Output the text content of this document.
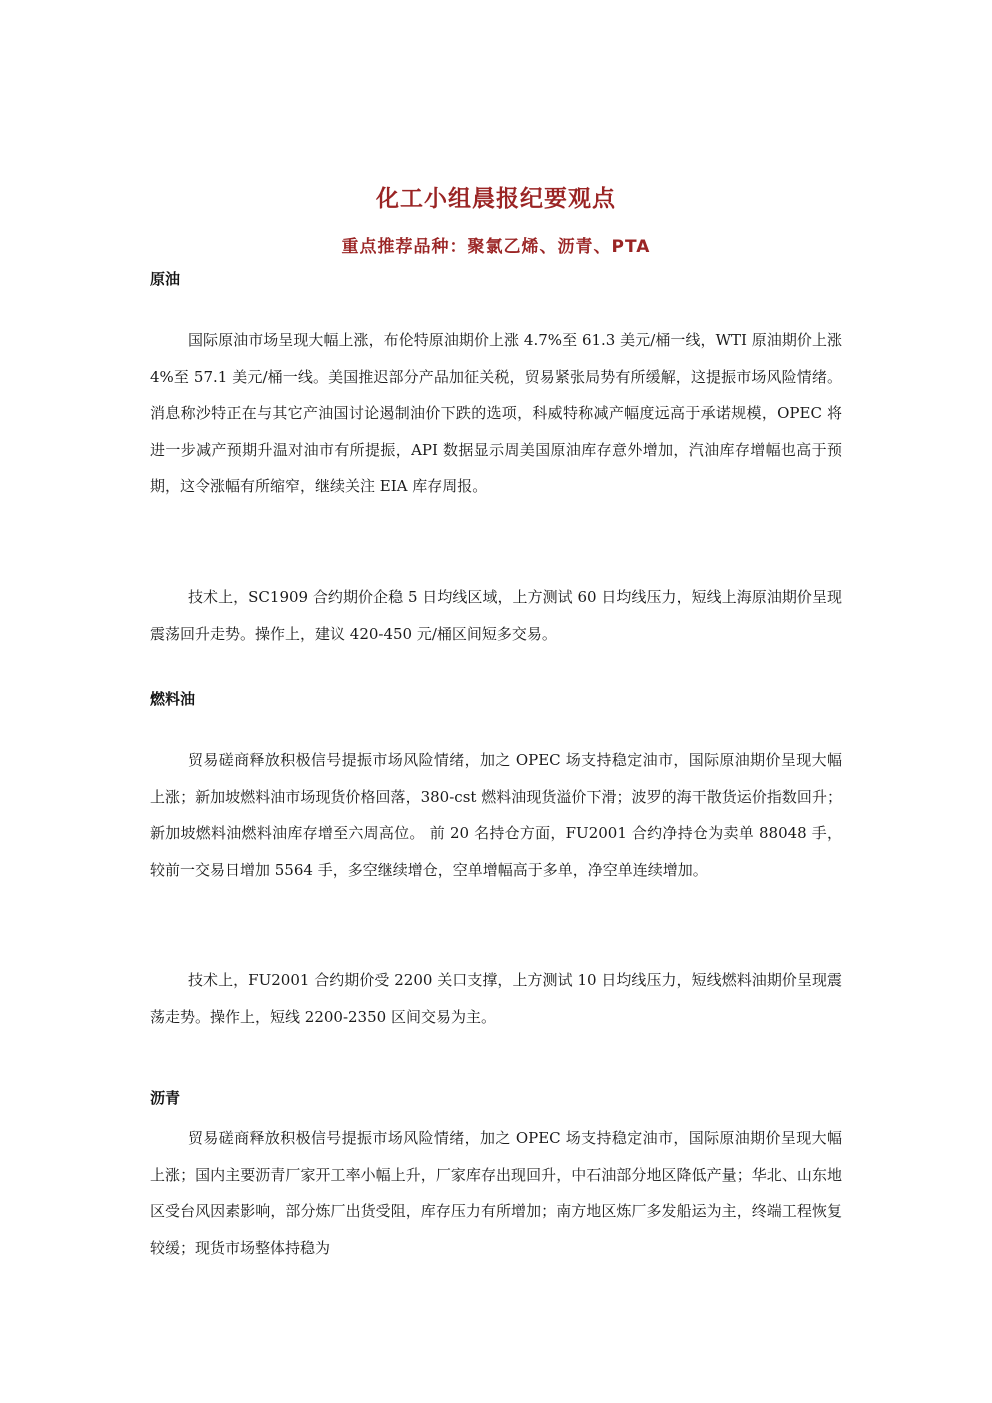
化工小组晨报纪要观点
重点推荐品种：聚氯乙烯、沥青、PTA
原油

国际原油市场呈现大幅上涨，布伦特原油期价上涨 4.7%至 61.3 美元/桶一线，WTI 原油期价上涨 4%至 57.1 美元/桶一线。美国推迟部分产品加征关税，贸易紧张局势有所缓解，这提振市场风险情绪。消息称沙特正在与其它产油国讨论遏制油价下跌的选项，科威特称减产幅度远高于承诺规模，OPEC 将进一步减产预期升温对油市有所提振，API 数据显示周美国原油库存意外增加，汽油库存增幅也高于预期，这令涨幅有所缩窄，继续关注 EIA 库存周报。

技术上，SC1909 合约期价企稳 5 日均线区域，上方测试 60 日均线压力，短线上海原油期价呈现震荡回升走势。操作上，建议 420-450 元/桶区间短多交易。

燃料油

贸易磋商释放积极信号提振市场风险情绪，加之 OPEC 场支持稳定油市，国际原油期价呈现大幅上涨；新加坡燃料油市场现货价格回落，380-cst 燃料油现货溢价下滑；波罗的海干散货运价指数回升；新加坡燃料油燃料油库存增至六周高位。 前 20 名持仓方面，FU2001 合约净持仓为卖单 88048 手，较前一交易日增加 5564 手，多空继续增仓，空单增幅高于多单，净空单连续增加。

技术上，FU2001 合约期价受 2200 关口支撑，上方测试 10 日均线压力，短线燃料油期价呈现震荡走势。操作上，短线 2200-2350 区间交易为主。

沥青

贸易磋商释放积极信号提振市场风险情绪，加之 OPEC 场支持稳定油市，国际原油期价呈现大幅上涨；国内主要沥青厂家开工率小幅上升，厂家库存出现回升，中石油部分地区降低产量；华北、山东地区受台风因素影响，部分炼厂出货受阻，库存压力有所增加；南方地区炼厂多发船运为主，终端工程恢复较缓；现货市场整体持稳为
